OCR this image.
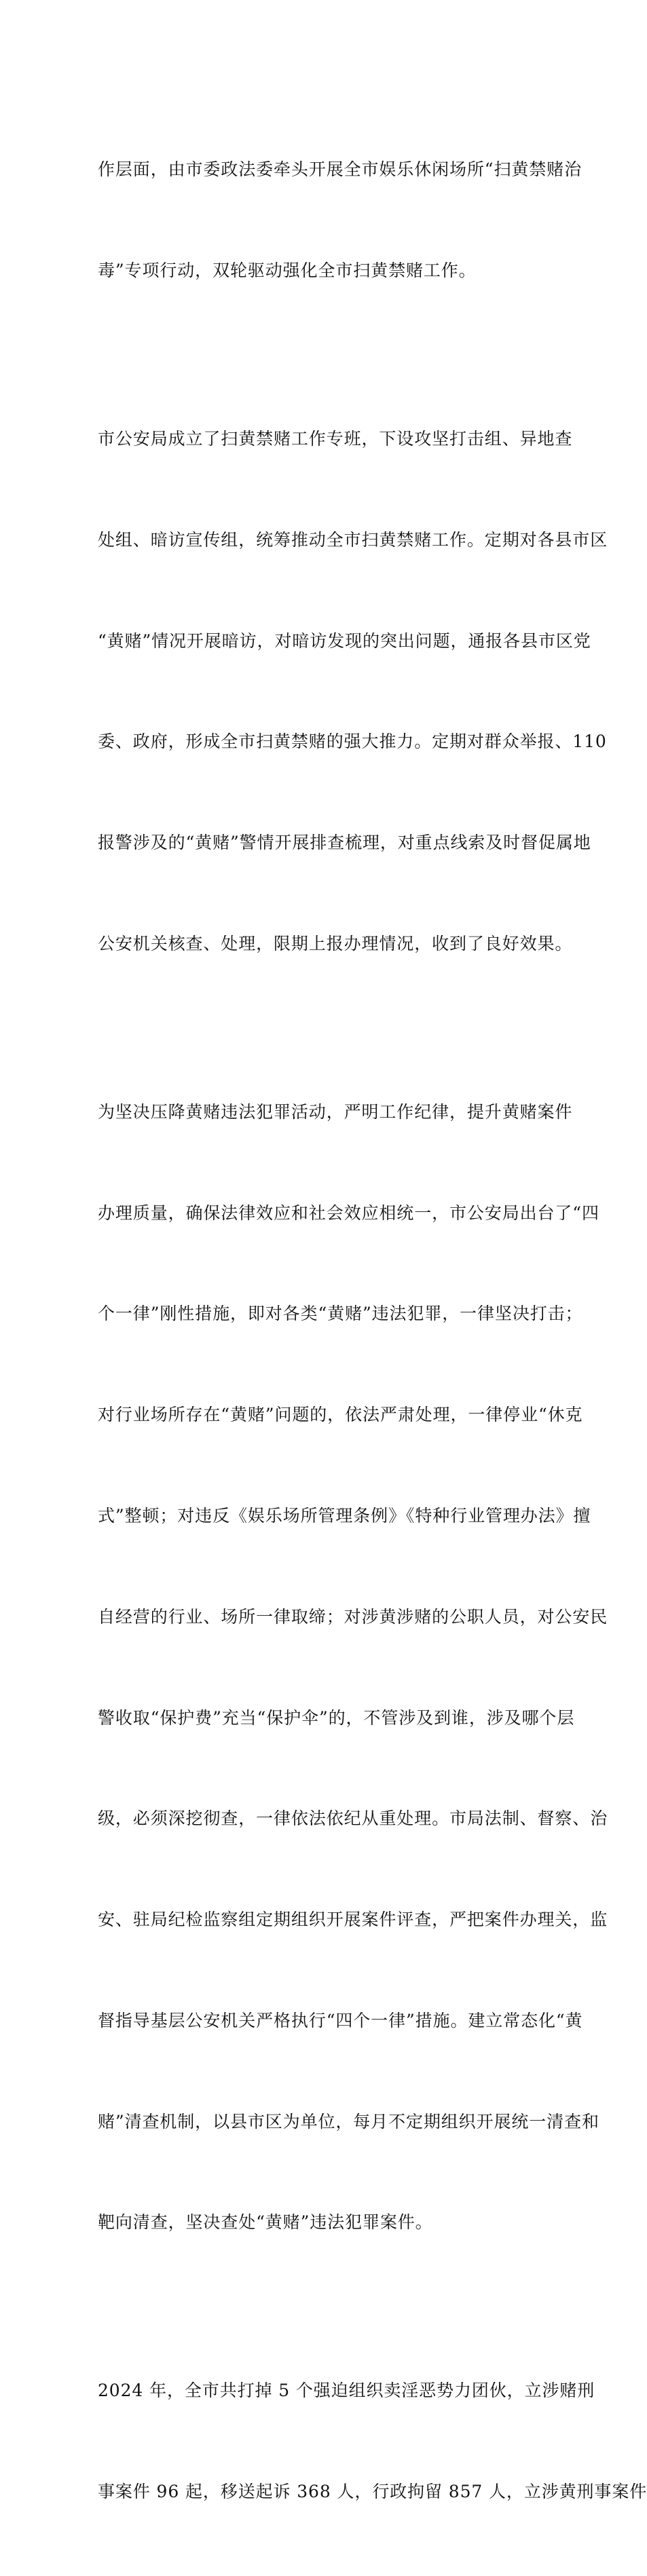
作层面，由市委政法委牵头开展全市娱乐休闲场所“扫黄禁赌治

毒”专项行动，双轮驱动强化全市扫黄禁赌工作。

市公安局成立了扫黄禁赌工作专班，下设攻坚打击组、异地查

处组、暗访宣传组，统筹推动全市扫黄禁赌工作。定期对各县市区

“黄赌”情况开展暗访，对暗访发现的突出问题，通报各县市区党

委、政府，形成全市扫黄禁赌的强大推力。定期对群众举报、110

报警涉及的“黄赌”警情开展排查梳理，对重点线索及时督促属地

公安机关核查、处理，限期上报办理情况，收到了良好效果。

为坚决压降黄赌违法犯罪活动，严明工作纪律，提升黄赌案件

办理质量，确保法律效应和社会效应相统一，市公安局出台了“四

个一律”刚性措施，即对各类“黄赌”违法犯罪，一律坚决打击；

对行业场所存在“黄赌”问题的，依法严肃处理，一律停业“休克

式”整顿；对违反《娱乐场所管理条例》《特种行业管理办法》擅

自经营的行业、场所一律取缔；对涉黄涉赌的公职人员，对公安民

警收取“保护费”充当“保护伞”的，不管涉及到谁，涉及哪个层

级，必须深挖彻查，一律依法依纪从重处理。市局法制、督察、治

安、驻局纪检监察组定期组织开展案件评查，严把案件办理关，监

督指导基层公安机关严格执行“四个一律”措施。建立常态化“黄

赌”清查机制，以县市区为单位，每月不定期组织开展统一清查和

靶向清查，坚决查处“黄赌”违法犯罪案件。

2024 年，全市共打掉 5 个强迫组织卖淫恶势力团伙，立涉赌刑

事案件 96 起，移送起诉 368 人，行政拘留 857 人，立涉黄刑事案件
